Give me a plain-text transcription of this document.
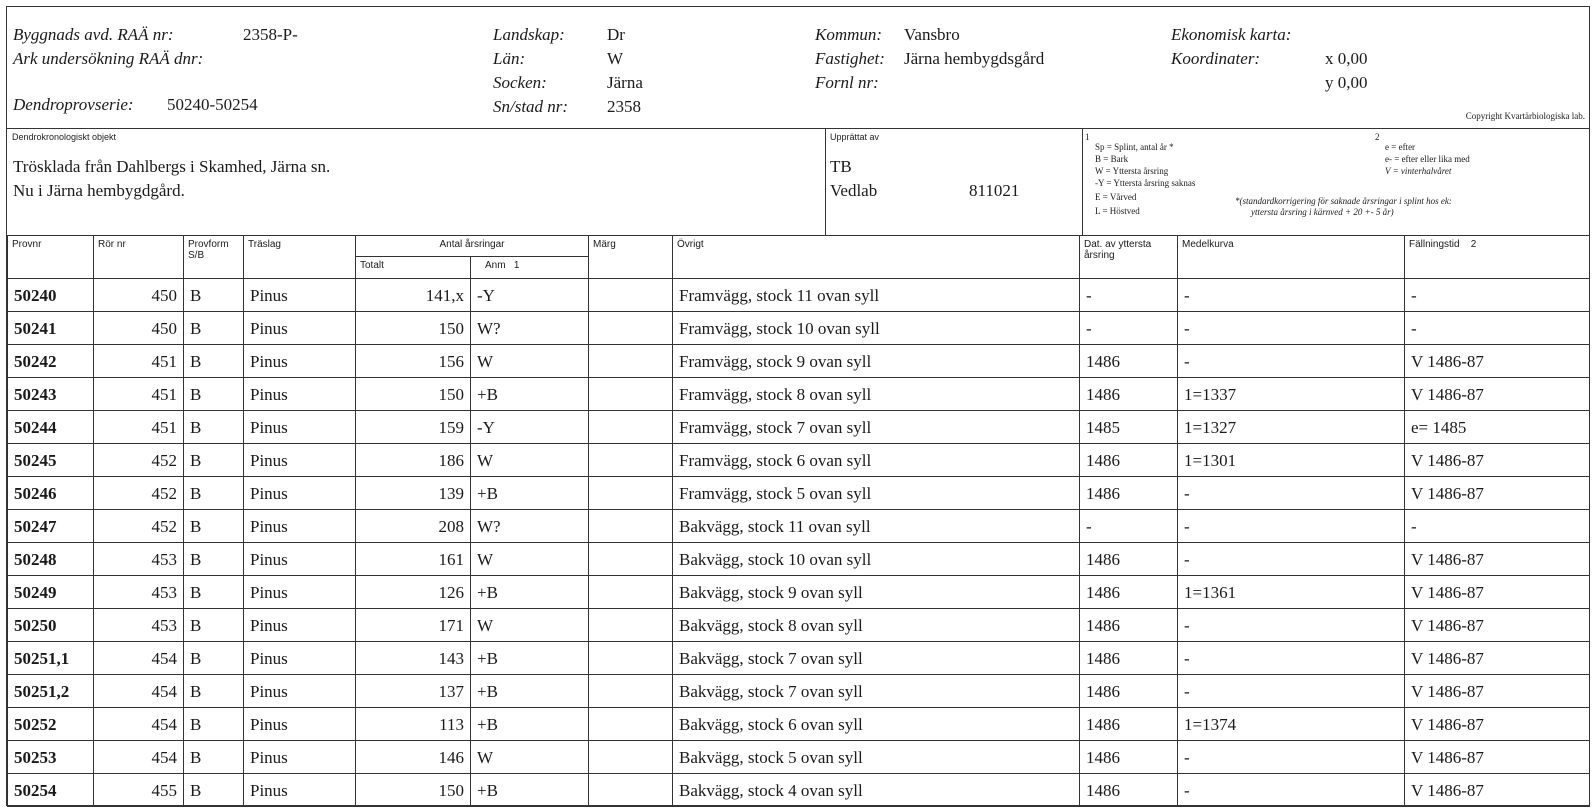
Byggnads avd. RAÄ nr:	2358-P-
Ark undersökning RAÄ dnr:
Dendroprovserie: 50240-50254
Landskap: Dr
Län:	W
Socken:	Järna
Sn/stad nr: 2358
Kommun: Vansbro
Fastighet: Järna hembygdsgård
Fornl nr:
Ekonomisk karta:
Koordinater:	x 0,00
y 0,00
Copyright Kvartärbiologiska lab.
Dendrokronologiskt objekt
Trösklada från Dahlbergs i Skamhed, Järna sn.
Nu i Järna hembygdgård.
Upprättat av
TB
Vedlab	811021
1
Sp = Splint, antal år *
B = Bark
W = Yttersta årsring
-Y = Yttersta årsring saknas
E = Vårved
L = Höstved
2
e = efter
e- = efter eller lika med
V = vinterhalvåret
*(standardkorrigering för saknade årsringar i splint hos ek:
yttersta årsring i kärnved + 20 +- 5 år)
Provnr	Rör nr	Provform S/B	Träslag	Antal årsringar		Märg	Övrigt	Dat. av yttersta årsring	Medelkurva	Fällningstid 2
				Totalt	Anm 1					
50240	450	B	Pinus	141,x	-Y		Framvägg, stock 11 ovan syll	-	-	-
50241	450	B	Pinus	150	W?		Framvägg, stock 10 ovan syll	-	-	-
50242	451	B	Pinus	156	W		Framvägg, stock 9 ovan syll	1486	-	V 1486-87
50243	451	B	Pinus	150	+B		Framvägg, stock 8 ovan syll	1486	1=1337	V 1486-87
50244	451	B	Pinus	159	-Y		Framvägg, stock 7 ovan syll	1485	1=1327	e= 1485
50245	452	B	Pinus	186	W		Framvägg, stock 6 ovan syll	1486	1=1301	V 1486-87
50246	452	B	Pinus	139	+B		Framvägg, stock 5 ovan syll	1486	-	V 1486-87
50247	452	B	Pinus	208	W?		Bakvägg, stock 11 ovan syll	-	-	-
50248	453	B	Pinus	161	W		Bakvägg, stock 10 ovan syll	1486	-	V 1486-87
50249	453	B	Pinus	126	+B		Bakvägg, stock 9 ovan syll	1486	1=1361	V 1486-87
50250	453	B	Pinus	171	W		Bakvägg, stock 8 ovan syll	1486	-	V 1486-87
50251,1	454	B	Pinus	143	+B		Bakvägg, stock 7 ovan syll	1486	-	V 1486-87
50251,2	454	B	Pinus	137	+B		Bakvägg, stock 7 ovan syll	1486	-	V 1486-87
50252	454	B	Pinus	113	+B		Bakvägg, stock 6 ovan syll	1486	1=1374	V 1486-87
50253	454	B	Pinus	146	W		Bakvägg, stock 5 ovan syll	1486	-	V 1486-87
50254	455	B	Pinus	150	+B		Bakvägg, stock 4 ovan syll	1486	-	V 1486-87
